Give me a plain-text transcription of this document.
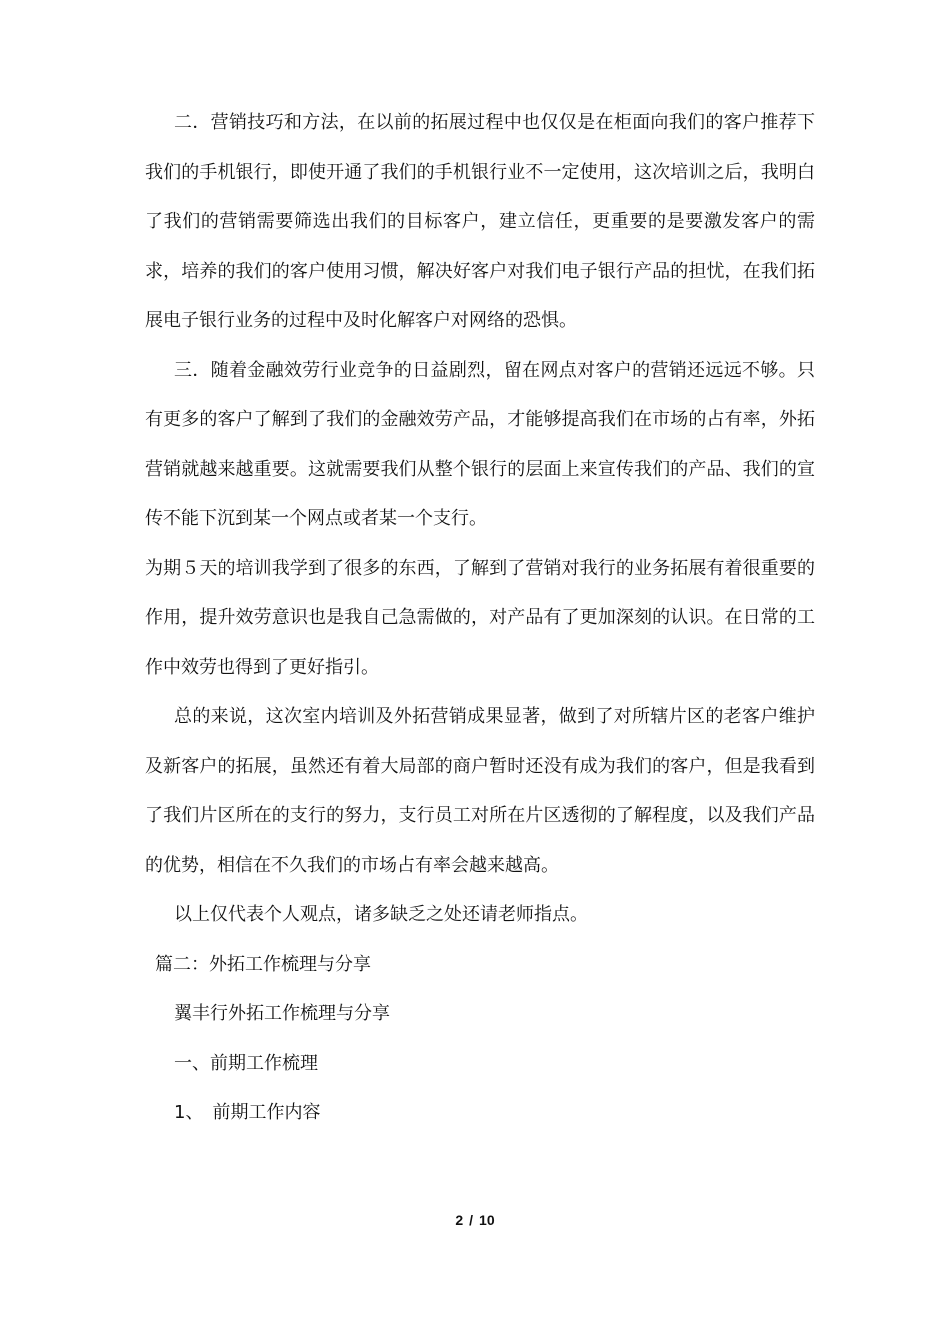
二．营销技巧和方法，在以前的拓展过程中也仅仅是在柜面向我们的客户推荐下我们的手机银行，即使开通了我们的手机银行业不一定使用，这次培训之后，我明白了我们的营销需要筛选出我们的目标客户，建立信任，更重要的是要激发客户的需求，培养的我们的客户使用习惯，解决好客户对我们电子银行产品的担忧，在我们拓展电子银行业务的过程中及时化解客户对网络的恐惧。

三．随着金融效劳行业竞争的日益剧烈，留在网点对客户的营销还远远不够。只有更多的客户了解到了我们的金融效劳产品，才能够提高我们在市场的占有率，外拓营销就越来越重要。这就需要我们从整个银行的层面上来宣传我们的产品、我们的宣传不能下沉到某一个网点或者某一个支行。

为期５天的培训我学到了很多的东西，了解到了营销对我行的业务拓展有着很重要的作用，提升效劳意识也是我自己急需做的，对产品有了更加深刻的认识。在日常的工作中效劳也得到了更好指引。

总的来说，这次室内培训及外拓营销成果显著，做到了对所辖片区的老客户维护及新客户的拓展，虽然还有着大局部的商户暂时还没有成为我们的客户，但是我看到了我们片区所在的支行的努力，支行员工对所在片区透彻的了解程度，以及我们产品的优势，相信在不久我们的市场占有率会越来越高。

以上仅代表个人观点，诸多缺乏之处还请老师指点。

篇二：外拓工作梳理与分享

翼丰行外拓工作梳理与分享

一、前期工作梳理

1、　前期工作内容

2 / 10
